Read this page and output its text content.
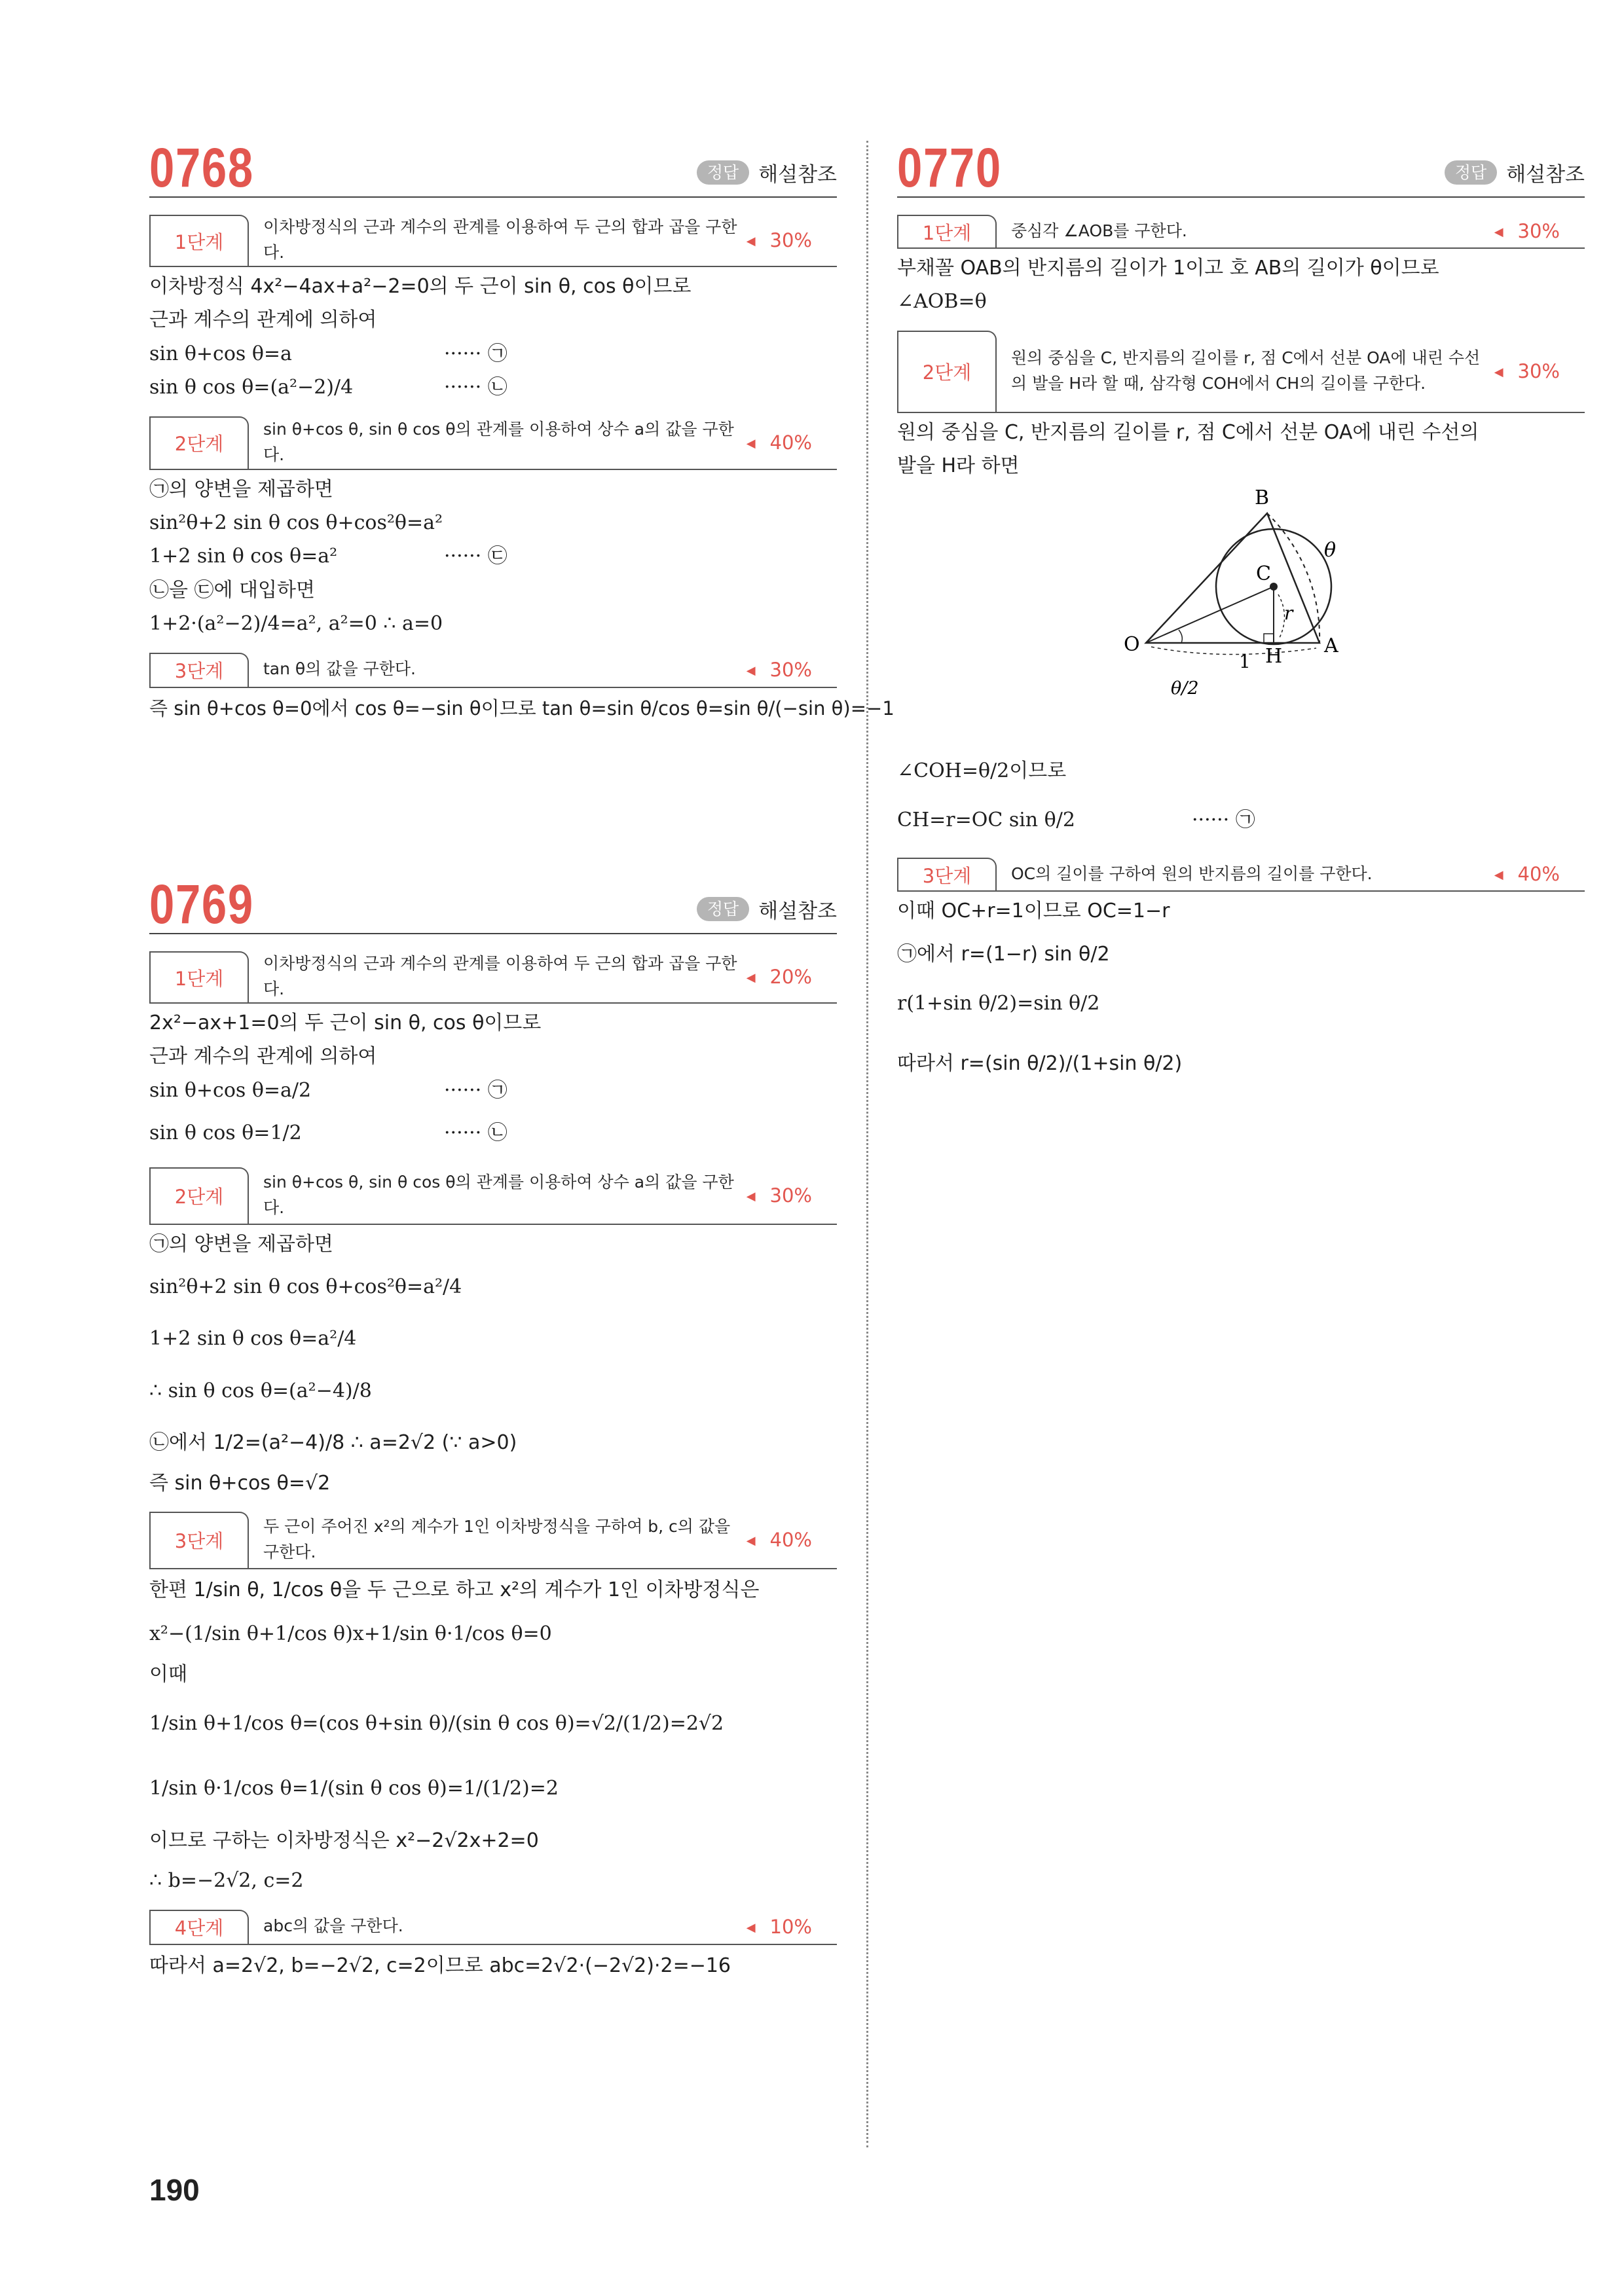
0768	정답 해설참조
1단계
이차방정식의 근과 계수의 관계를 이용하여 두 근의 합과 곱을 구한다.
◀ 30%
이차방정식 4x²−4ax+a²−2=0의 두 근이 sin θ, cos θ이므로
근과 계수의 관계에 의하여
sin θ+cos θ=a	······ ㉠
sin θ cos θ=(a²−2)/4	······ ㉡
2단계
sin θ+cos θ, sin θ cos θ의 관계를 이용하여 상수 a의 값을 구한다.
◀ 40%
㉠의 양변을 제곱하면
sin²θ+2 sin θ cos θ+cos²θ=a²
1+2 sin θ cos θ=a²	······ ㉢
㉡을 ㉢에 대입하면
1+2·(a²−2)/4=a², a²=0 ∴ a=0
3단계	tan θ의 값을 구한다.	◀ 30%
즉 sin θ+cos θ=0에서 cos θ=−sin θ이므로 tan θ=sin θ/cos θ=sin θ/(−sin θ)=−1
0769	정답 해설참조
1단계
이차방정식의 근과 계수의 관계를 이용하여 두 근의 합과 곱을 구한다.
◀ 20%
2x²−ax+1=0의 두 근이 sin θ, cos θ이므로
근과 계수의 관계에 의하여
sin θ+cos θ=a/2	······ ㉠
sin θ cos θ=1/2	······ ㉡
2단계
sin θ+cos θ, sin θ cos θ의 관계를 이용하여 상수 a의 값을 구한다.
◀ 30%
㉠의 양변을 제곱하면
sin²θ+2 sin θ cos θ+cos²θ=a²/4
1+2 sin θ cos θ=a²/4
∴ sin θ cos θ=(a²−4)/8
㉡에서 1/2=(a²−4)/8 ∴ a=2√2 (∵ a>0)
즉 sin θ+cos θ=√2
3단계
두 근이 주어진 x²의 계수가 1인 이차방정식을 구하여 b, c의 값을 구한다.
◀ 40%
한편 1/sin θ, 1/cos θ을 두 근으로 하고 x²의 계수가 1인 이차방정식은
x²−(1/sin θ+1/cos θ)x+1/sin θ·1/cos θ=0
이때
1/sin θ+1/cos θ=(cos θ+sin θ)/(sin θ cos θ)=√2/(1/2)=2√2
1/sin θ·1/cos θ=1/(sin θ cos θ)=1/(1/2)=2
이므로 구하는 이차방정식은 x²−2√2x+2=0
∴ b=−2√2, c=2
4단계	abc의 값을 구한다.	◀ 10%
따라서 a=2√2, b=−2√2, c=2이므로 abc=2√2·(−2√2)·2=−16
0770	정답 해설참조
1단계	중심각 ∠AOB를 구한다.	◀ 30%
부채꼴 OAB의 반지름의 길이가 1이고 호 AB의 길이가 θ이므로
∠AOB=θ
2단계
원의 중심을 C, 반지름의 길이를 r, 점 C에서 선분 OA에 내린 수선의 발을 H라 할 때, 삼각형 COH에서 CH의 길이를 구한다.
◀ 30%
원의 중심을 C, 반지름의 길이를 r, 점 C에서 선분 OA에 내린 수선의
발을 H라 하면
B
O	A
C
H
1
r
θ
θ/2
∠COH=θ/2이므로
CH=r=OC sin θ/2	······ ㉠
3단계	OC의 길이를 구하여 원의 반지름의 길이를 구한다.	◀ 40%
이때 OC+r=1이므로 OC=1−r
㉠에서 r=(1−r) sin θ/2
r(1+sin θ/2)=sin θ/2
따라서 r=(sin θ/2)/(1+sin θ/2)
190
